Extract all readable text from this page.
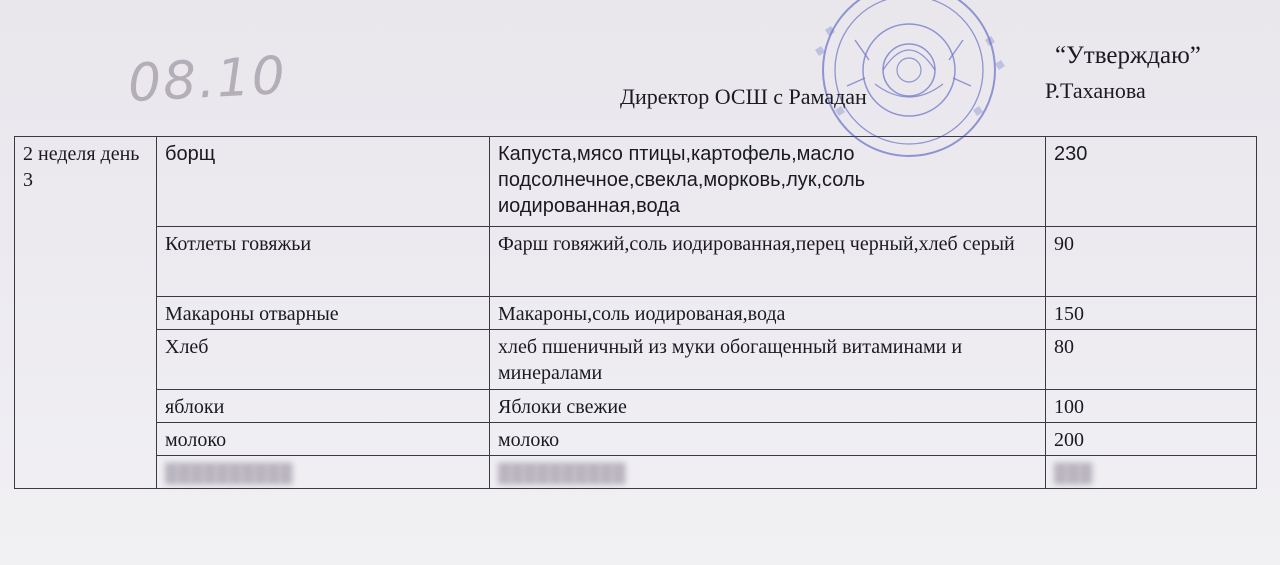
08.10	“Утверждаю”
Директор ОСШ с Рамадан	Р.Таханова
2 неделя день 3	борщ	Капуста,мясо птицы,картофель,масло подсолнечное,свекла,морковь,лук,соль иодированная,вода	230
	Котлеты говяжьи	Фарш говяжий,соль иодированная,перец черный,хлеб серый	90
	Макароны отварные	Макароны,соль иодированая,вода	150
	Хлеб	хлеб пшеничный из муки обогащенный витаминами и минералами	80
	яблоки	Яблоки свежие	100
	молоко	молоко	200
	██████████	██████████	███
